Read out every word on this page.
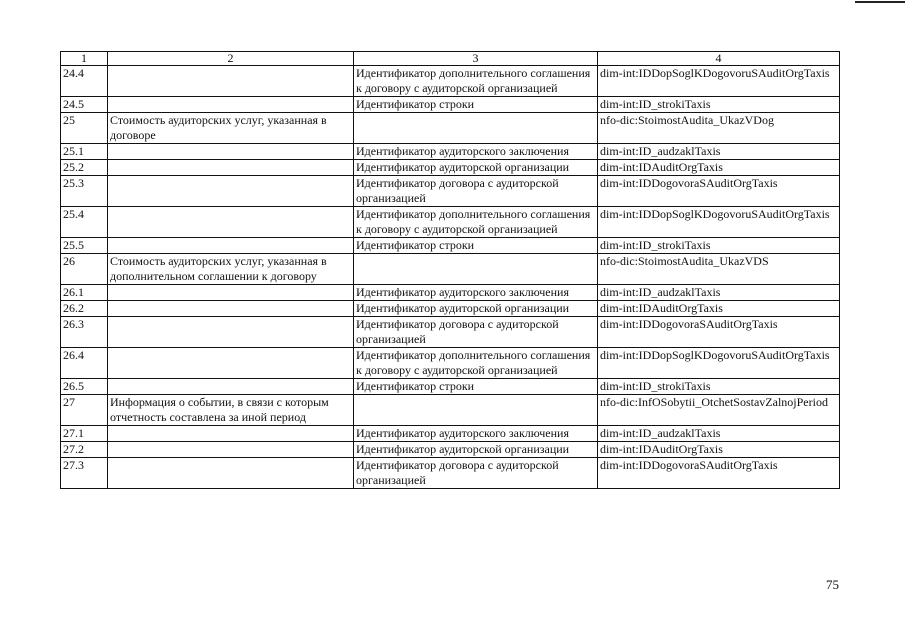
1	2	3	4
24.4		Идентификатор дополнительного соглашения к договору с аудиторской организацией	dim-int:IDDopSoglKDogovoruSAuditOrgTaxis
24.5		Идентификатор строки	dim-int:ID_strokiTaxis
25	Стоимость аудиторских услуг, указанная в договоре		nfo-dic:StoimostAudita_UkazVDog
25.1		Идентификатор аудиторского заключения	dim-int:ID_audzaklTaxis
25.2		Идентификатор аудиторской организации	dim-int:IDAuditOrgTaxis
25.3		Идентификатор договора с аудиторской организацией	dim-int:IDDogovoraSAuditOrgTaxis
25.4		Идентификатор дополнительного соглашения к договору с аудиторской организацией	dim-int:IDDopSoglKDogovoruSAuditOrgTaxis
25.5		Идентификатор строки	dim-int:ID_strokiTaxis
26	Стоимость аудиторских услуг, указанная в дополнительном соглашении к договору		nfo-dic:StoimostAudita_UkazVDS
26.1		Идентификатор аудиторского заключения	dim-int:ID_audzaklTaxis
26.2		Идентификатор аудиторской организации	dim-int:IDAuditOrgTaxis
26.3		Идентификатор договора с аудиторской организацией	dim-int:IDDogovoraSAuditOrgTaxis
26.4		Идентификатор дополнительного соглашения к договору с аудиторской организацией	dim-int:IDDopSoglKDogovoruSAuditOrgTaxis
26.5		Идентификатор строки	dim-int:ID_strokiTaxis
27	Информация о событии, в связи с которым отчетность составлена за иной период		nfo-dic:InfOSobytii_OtchetSostavZalnojPeriod
27.1		Идентификатор аудиторского заключения	dim-int:ID_audzaklTaxis
27.2		Идентификатор аудиторской организации	dim-int:IDAuditOrgTaxis
27.3		Идентификатор договора с аудиторской организацией	dim-int:IDDogovoraSAuditOrgTaxis
75
